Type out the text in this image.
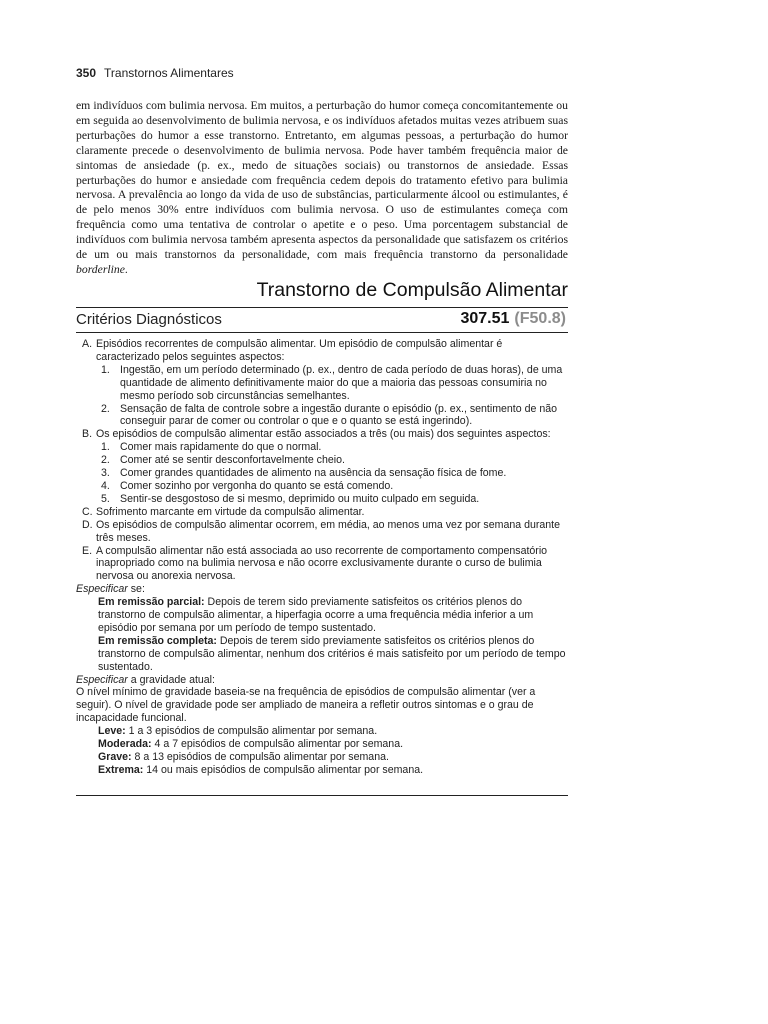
350 Transtornos Alimentares
em indivíduos com bulimia nervosa. Em muitos, a perturbação do humor começa concomitantemente ou em seguida ao desenvolvimento de bulimia nervosa, e os indivíduos afetados muitas vezes atribuem suas perturbações do humor a esse transtorno. Entretanto, em algumas pessoas, a perturbação do humor claramente precede o desenvolvimento de bulimia nervosa. Pode haver também frequência maior de sintomas de ansiedade (p. ex., medo de situações sociais) ou transtornos de ansiedade. Essas perturbações do humor e ansiedade com frequência cedem depois do tratamento efetivo para bulimia nervosa. A prevalência ao longo da vida de uso de substâncias, particularmente álcool ou estimulantes, é de pelo menos 30% entre indivíduos com bulimia nervosa. O uso de estimulantes começa com frequência como uma tentativa de controlar o apetite e o peso. Uma porcentagem substancial de indivíduos com bulimia nervosa também apresenta aspectos da personalidade que satisfazem os critérios de um ou mais transtornos da personalidade, com mais frequência transtorno da personalidade borderline.
Transtorno de Compulsão Alimentar
Critérios Diagnósticos	307.51 (F50.8)
A. Episódios recorrentes de compulsão alimentar. Um episódio de compulsão alimentar é caracterizado pelos seguintes aspectos:
1. Ingestão, em um período determinado (p. ex., dentro de cada período de duas horas), de uma quantidade de alimento definitivamente maior do que a maioria das pessoas consumiria no mesmo período sob circunstâncias semelhantes.
2. Sensação de falta de controle sobre a ingestão durante o episódio (p. ex., sentimento de não conseguir parar de comer ou controlar o que e o quanto se está ingerindo).
B. Os episódios de compulsão alimentar estão associados a três (ou mais) dos seguintes aspectos:
1. Comer mais rapidamente do que o normal.
2. Comer até se sentir desconfortavelmente cheio.
3. Comer grandes quantidades de alimento na ausência da sensação física de fome.
4. Comer sozinho por vergonha do quanto se está comendo.
5. Sentir-se desgostoso de si mesmo, deprimido ou muito culpado em seguida.
C. Sofrimento marcante em virtude da compulsão alimentar.
D. Os episódios de compulsão alimentar ocorrem, em média, ao menos uma vez por semana durante três meses.
E. A compulsão alimentar não está associada ao uso recorrente de comportamento compensatório inapropriado como na bulimia nervosa e não ocorre exclusivamente durante o curso de bulimia nervosa ou anorexia nervosa.
Especificar se:
Em remissão parcial: Depois de terem sido previamente satisfeitos os critérios plenos do transtorno de compulsão alimentar, a hiperfagia ocorre a uma frequência média inferior a um episódio por semana por um período de tempo sustentado.
Em remissão completa: Depois de terem sido previamente satisfeitos os critérios plenos do transtorno de compulsão alimentar, nenhum dos critérios é mais satisfeito por um período de tempo sustentado.
Especificar a gravidade atual:
O nível mínimo de gravidade baseia-se na frequência de episódios de compulsão alimentar (ver a seguir). O nível de gravidade pode ser ampliado de maneira a refletir outros sintomas e o grau de incapacidade funcional.
Leve: 1 a 3 episódios de compulsão alimentar por semana.
Moderada: 4 a 7 episódios de compulsão alimentar por semana.
Grave: 8 a 13 episódios de compulsão alimentar por semana.
Extrema: 14 ou mais episódios de compulsão alimentar por semana.
